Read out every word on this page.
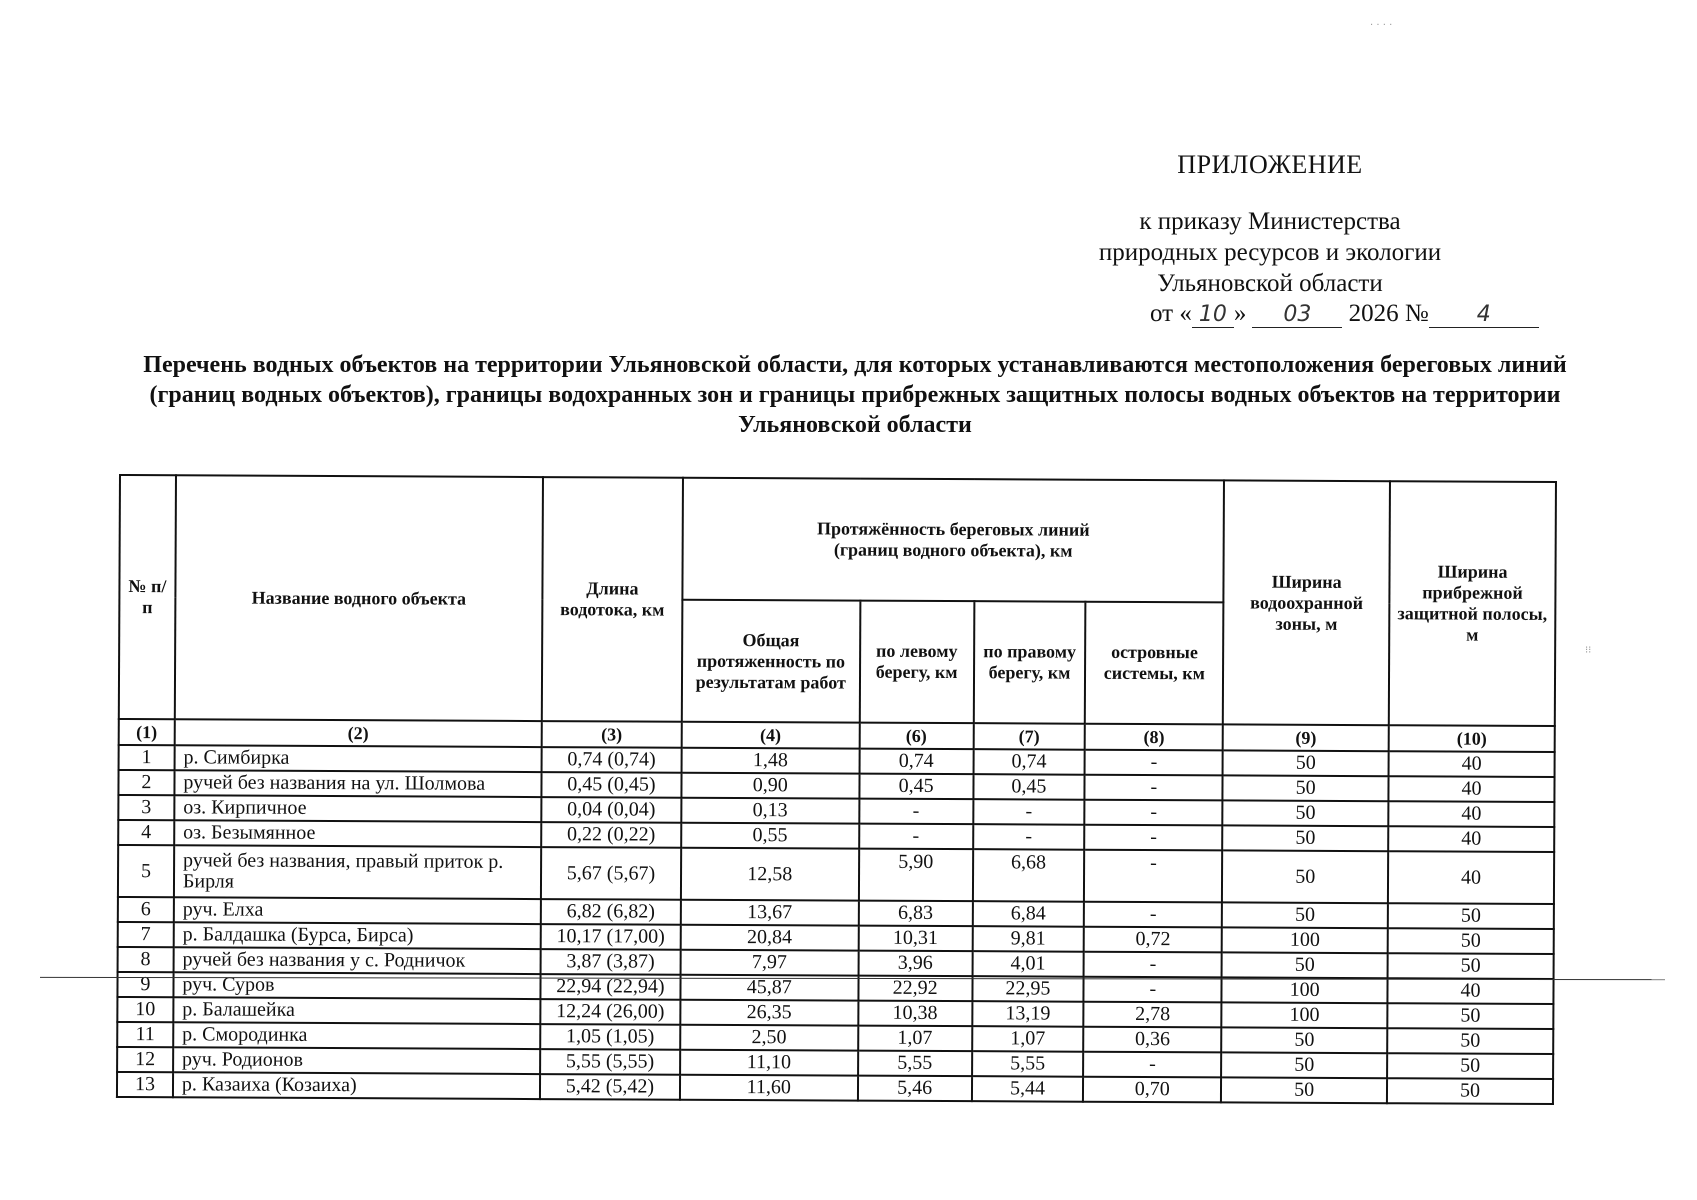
ПРИЛОЖЕНИЕ
к приказу Министерства
природных ресурсов и экологии
Ульяновской области
от « 10 » 03 2026 № 4
Перечень водных объектов на территории Ульяновской области, для которых устанавливаются местоположения береговых линий (границ водных объектов), границы водохранных зон и границы прибрежных защитных полосы водных объектов на территории Ульяновской области
№ п/п	Название водного объекта	Длина водотока, км	Протяжённость береговых линий (границ водного объекта), км				Ширина водоохранной зоны, м	Ширина прибрежной защитной полосы, м
			Общая протяженность по результатам работ	по левому берегу, км	по правому берегу, км	островные системы, км		
(1)	(2)	(3)	(4)	(6)	(7)	(8)	(9)	(10)
1	р. Симбирка	0,74 (0,74)	1,48	0,74	0,74	-	50	40
2	ручей без названия на ул. Шолмова	0,45 (0,45)	0,90	0,45	0,45	-	50	40
3	оз. Кирпичное	0,04 (0,04)	0,13	-	-	-	50	40
4	оз. Безымянное	0,22 (0,22)	0,55	-	-	-	50	40
5	ручей без названия, правый приток р. Бирля	5,67 (5,67)	12,58	5,90	6,68	-	50	40
6	руч. Елха	6,82 (6,82)	13,67	6,83	6,84	-	50	50
7	р. Балдашка (Бурса, Бирса)	10,17 (17,00)	20,84	10,31	9,81	0,72	100	50
8	ручей без названия у с. Родничок	3,87 (3,87)	7,97	3,96	4,01	-	50	50
9	руч. Суров	22,94 (22,94)	45,87	22,92	22,95	-	100	40
10	р. Балашейка	12,24 (26,00)	26,35	10,38	13,19	2,78	100	50
11	р. Смородинка	1,05 (1,05)	2,50	1,07	1,07	0,36	50	50
12	руч. Родионов	5,55 (5,55)	11,10	5,55	5,55	-	50	50
13	р. Казаиха (Козаиха)	5,42 (5,42)	11,60	5,46	5,44	0,70	50	50
· · · ·
⁝⁝
